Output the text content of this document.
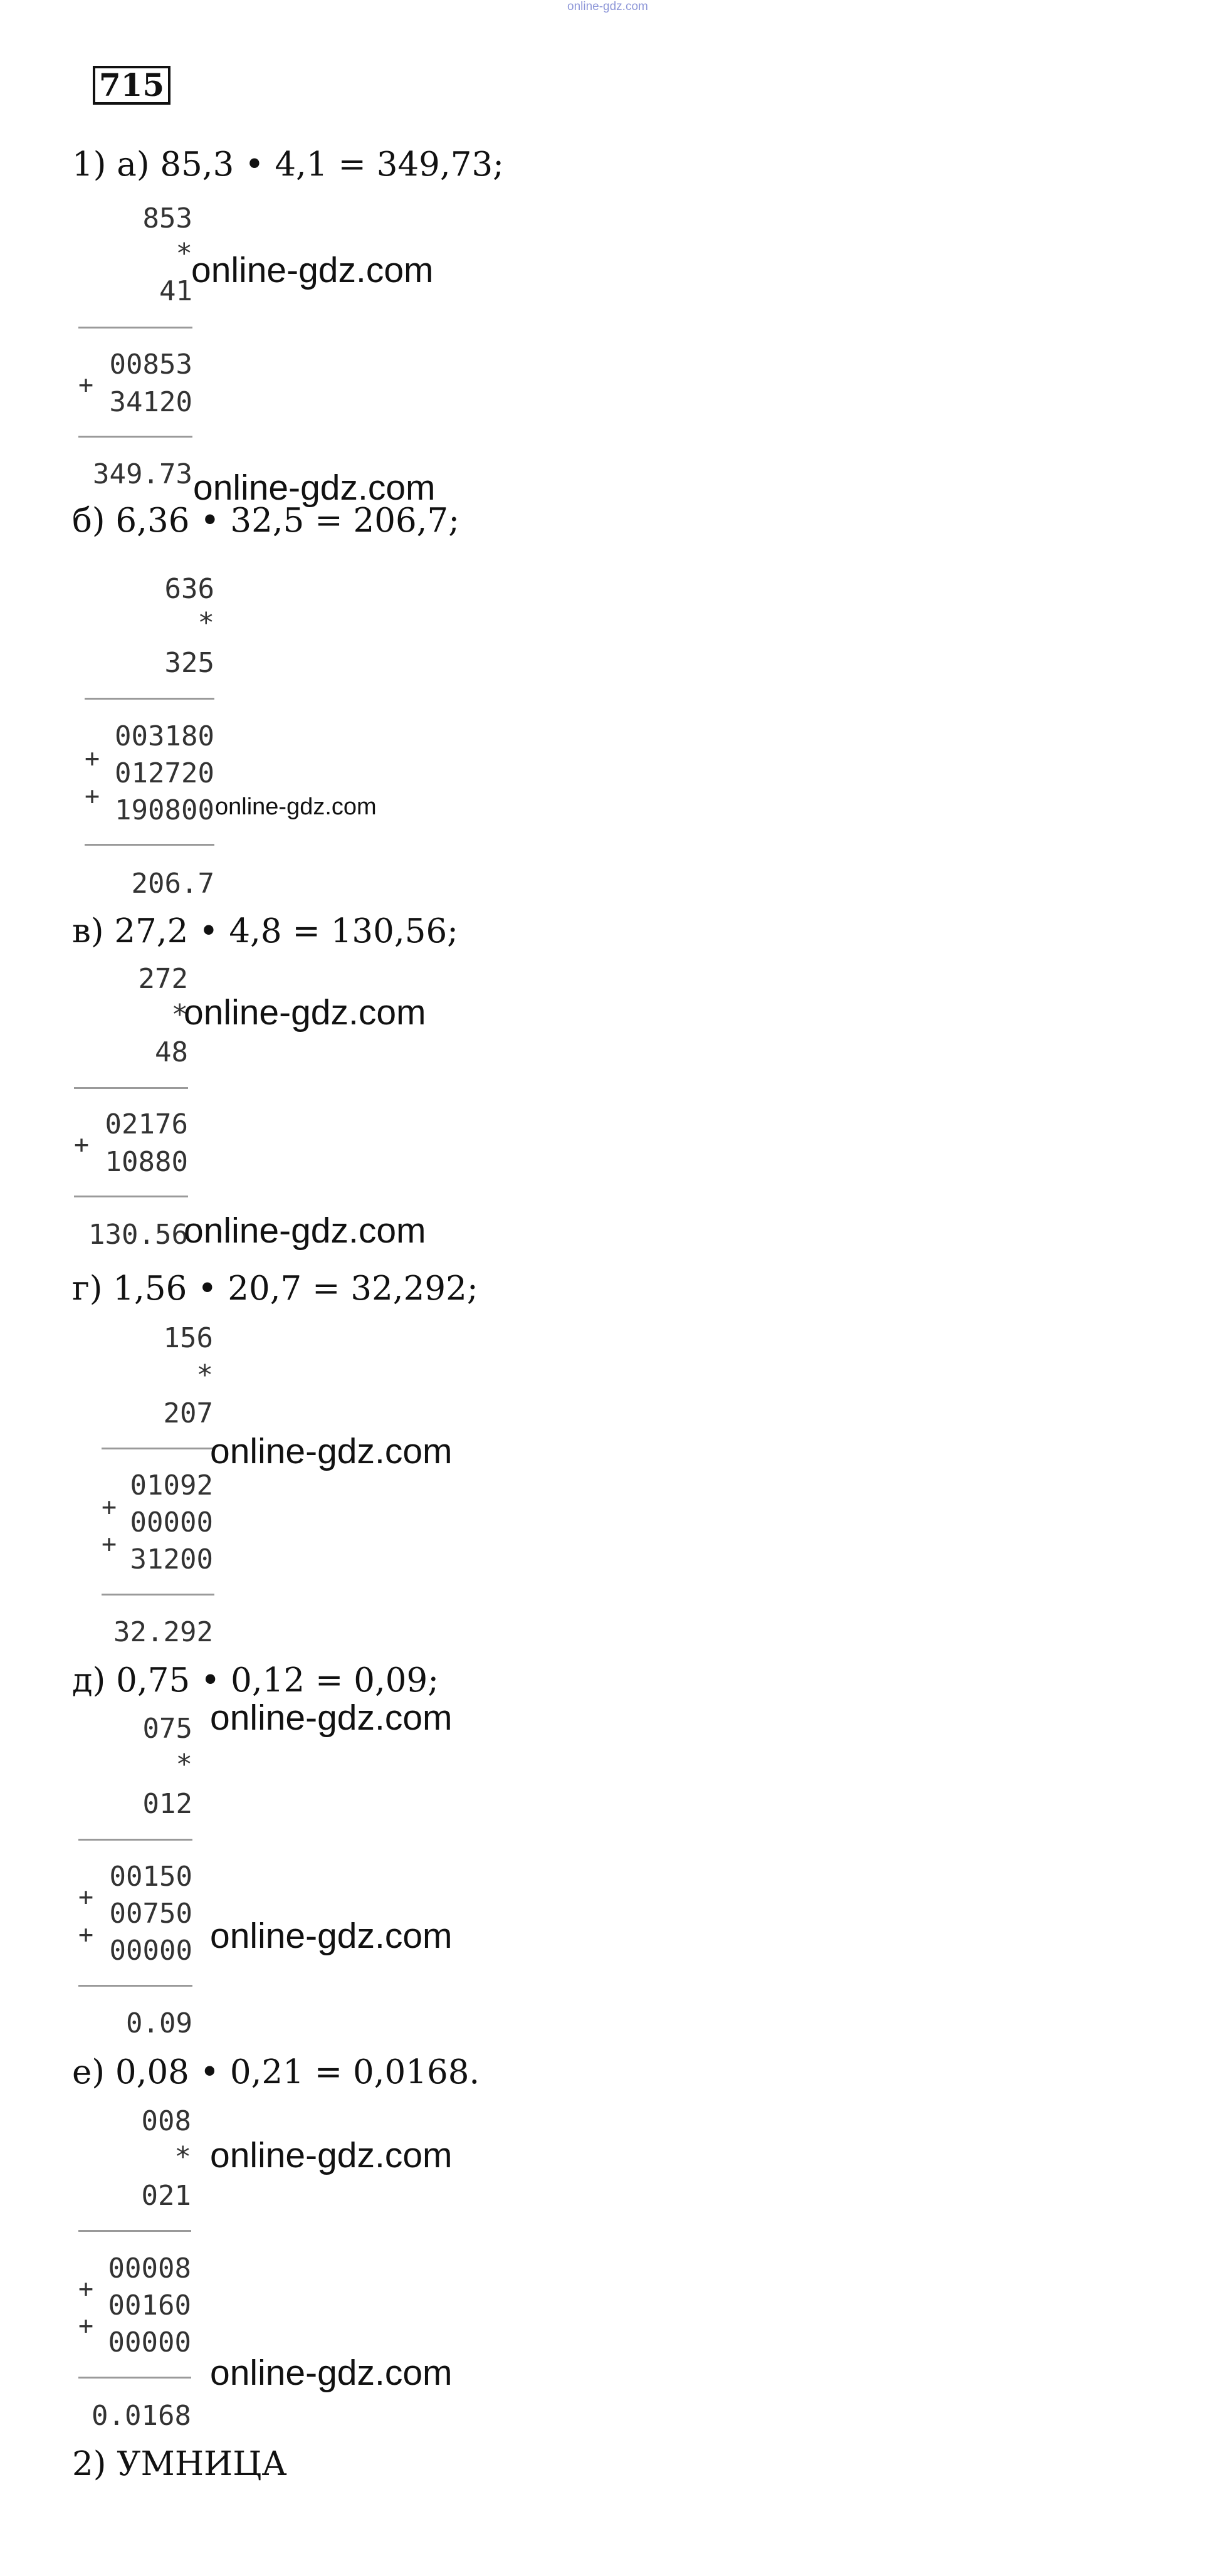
online-gdz.com
715
1) а) 85,3 • 4,1 = 349,73;
853
*
41
+
00853
34120
349.73
online-gdz.com
online-gdz.com
б) 6,36 • 32,5 = 206,7;
636
*
325
+
+
003180
012720
190800 online-gdz.com
206.7
в) 27,2 • 4,8 = 130,56;
272
*
48
online-gdz.com
+
02176
10880
130.56
online-gdz.com
г) 1,56 • 20,7 = 32,292;
156
*
207
online-gdz.com
+
+
01092
00000
31200
32.292
д) 0,75 • 0,12 = 0,09;
075 online-gdz.com
*
012
+
+
00150
00750
00000 online-gdz.com
0.09
е) 0,08 • 0,21 = 0,0168.
008
* online-gdz.com
021
+
+
00008
00160
00000
online-gdz.com
0.0168
2) УМНИЦА
